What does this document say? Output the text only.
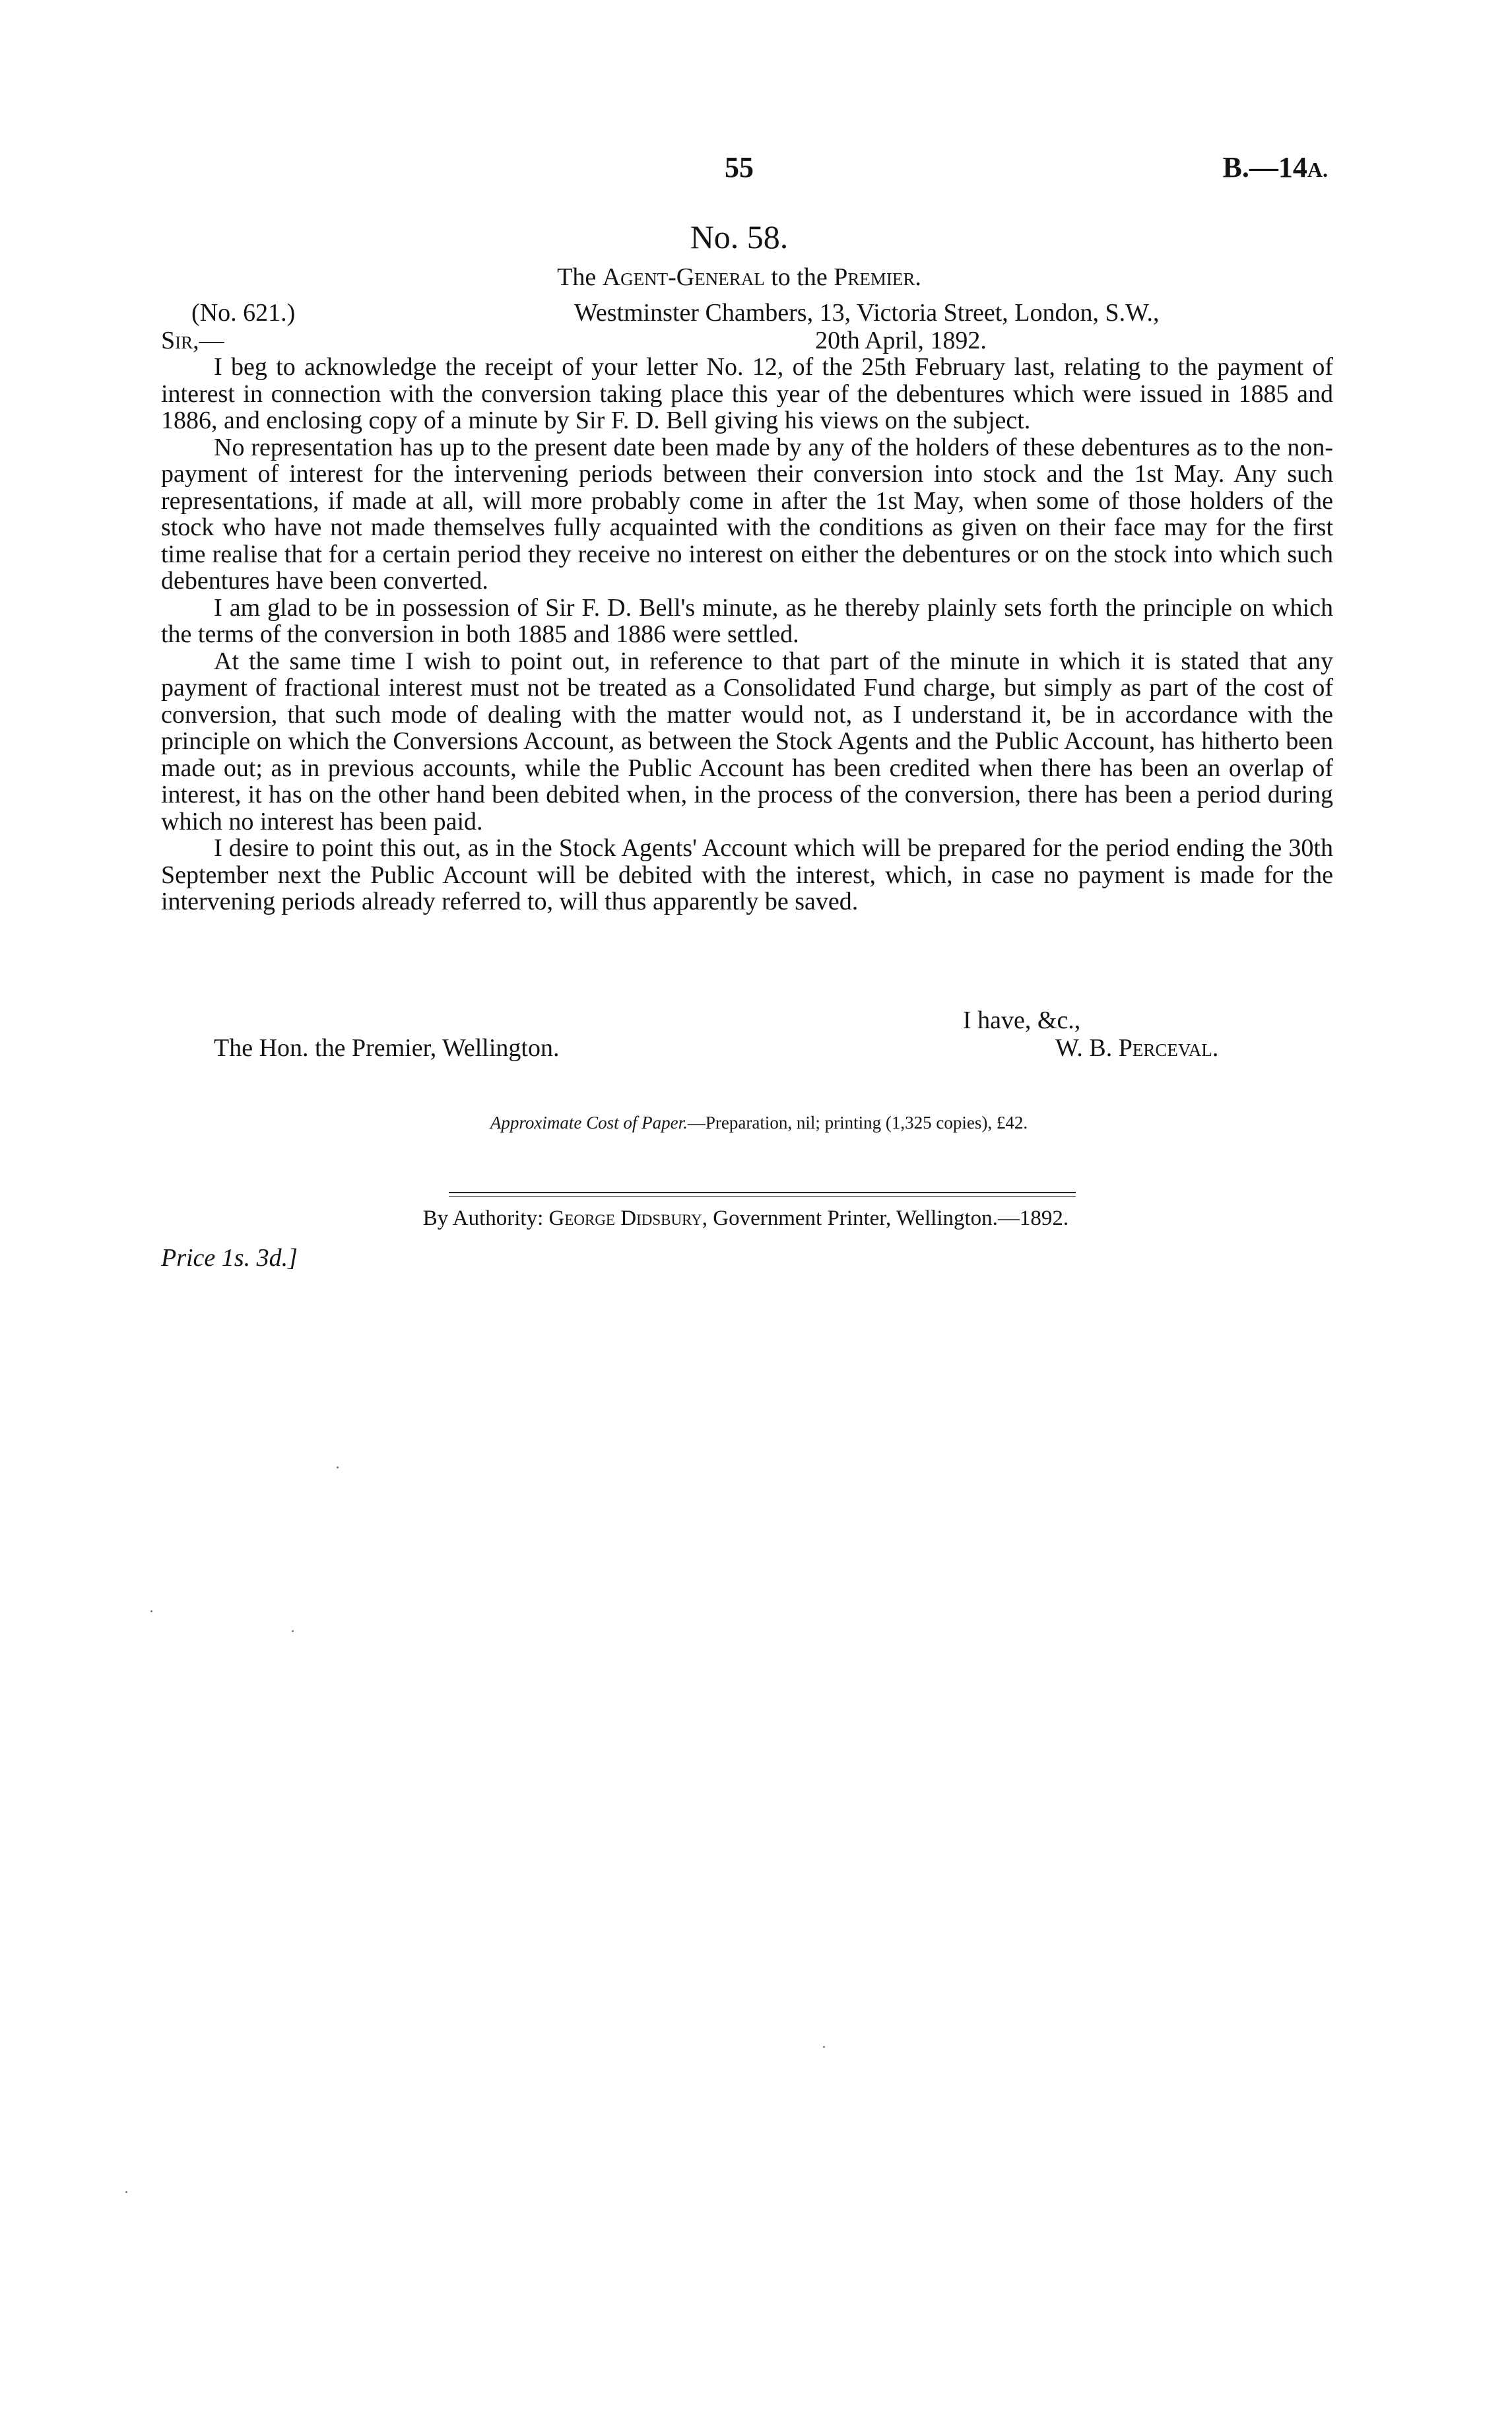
55	B.—14A.
No. 58.
The Agent-General to the Premier.
(No. 621.)	Westminster Chambers, 13, Victoria Street, London, S.W.,
Sir,—	20th April, 1892.

I beg to acknowledge the receipt of your letter No. 12, of the 25th February last, relating to the payment of interest in connection with the conversion taking place this year of the debentures which were issued in 1885 and 1886, and enclosing copy of a minute by Sir F. D. Bell giving his views on the subject.

No representation has up to the present date been made by any of the holders of these debentures as to the non-payment of interest for the intervening periods between their conversion into stock and the 1st May. Any such representations, if made at all, will more probably come in after the 1st May, when some of those holders of the stock who have not made themselves fully acquainted with the conditions as given on their face may for the first time realise that for a certain period they receive no interest on either the debentures or on the stock into which such debentures have been converted.

I am glad to be in possession of Sir F. D. Bell's minute, as he thereby plainly sets forth the principle on which the terms of the conversion in both 1885 and 1886 were settled.

At the same time I wish to point out, in reference to that part of the minute in which it is stated that any payment of fractional interest must not be treated as a Consolidated Fund charge, but simply as part of the cost of conversion, that such mode of dealing with the matter would not, as I understand it, be in accordance with the principle on which the Conversions Account, as between the Stock Agents and the Public Account, has hitherto been made out; as in previous accounts, while the Public Account has been credited when there has been an overlap of interest, it has on the other hand been debited when, in the process of the conversion, there has been a period during which no interest has been paid.

I desire to point this out, as in the Stock Agents' Account which will be prepared for the period ending the 30th September next the Public Account will be debited with the interest, which, in case no payment is made for the intervening periods already referred to, will thus apparently be saved.

I have, &c.,
The Hon. the Premier, Wellington.	W. B. Perceval.
Approximate Cost of Paper.—Preparation, nil; printing (1,325 copies), £42.
By Authority: George Didsbury, Government Printer, Wellington.—1892.
Price 1s. 3d.]
